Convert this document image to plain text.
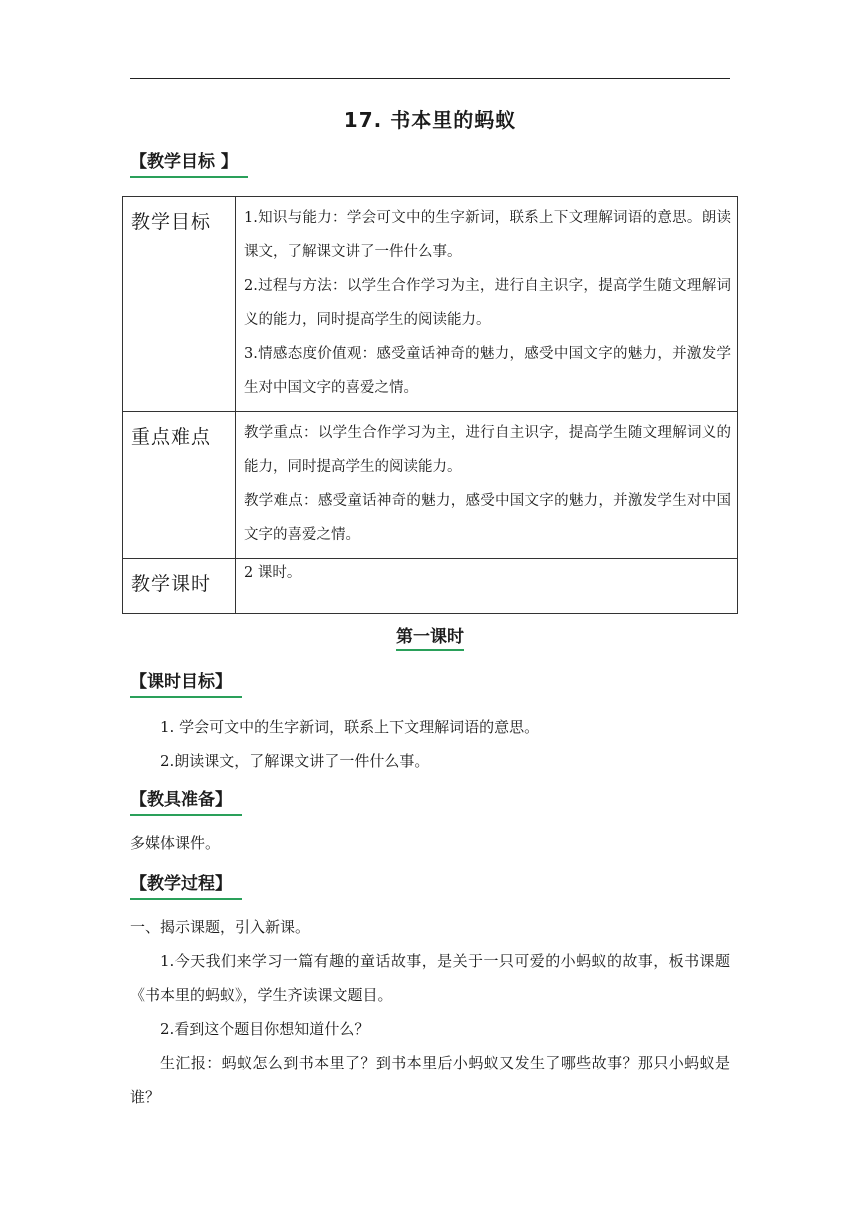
17. 书本里的蚂蚁
【教学目标 】
教学目标	1.知识与能力：学会可文中的生字新词，联系上下文理解词语的意思。朗读课文，了解课文讲了一件什么事。

2.过程与方法：以学生合作学习为主，进行自主识字，提高学生随文理解词义的能力，同时提高学生的阅读能力。

3.情感态度价值观：感受童话神奇的魅力，感受中国文字的魅力，并激发学生对中国文字的喜爱之情。

重点难点	教学重点：以学生合作学习为主，进行自主识字，提高学生随文理解词义的能力，同时提高学生的阅读能力。

教学难点：感受童话神奇的魅力，感受中国文字的魅力，并激发学生对中国文字的喜爱之情。

教学课时	2 课时。
第一课时
【课时目标】

1. 学会可文中的生字新词，联系上下文理解词语的意思。

2.朗读课文，了解课文讲了一件什么事。

【教具准备】

多媒体课件。

【教学过程】

一、揭示课题，引入新课。

1.今天我们来学习一篇有趣的童话故事，是关于一只可爱的小蚂蚁的故事，板书课题《书本里的蚂蚁》，学生齐读课文题目。

2.看到这个题目你想知道什么？

生汇报：蚂蚁怎么到书本里了？到书本里后小蚂蚁又发生了哪些故事？那只小蚂蚁是谁？
